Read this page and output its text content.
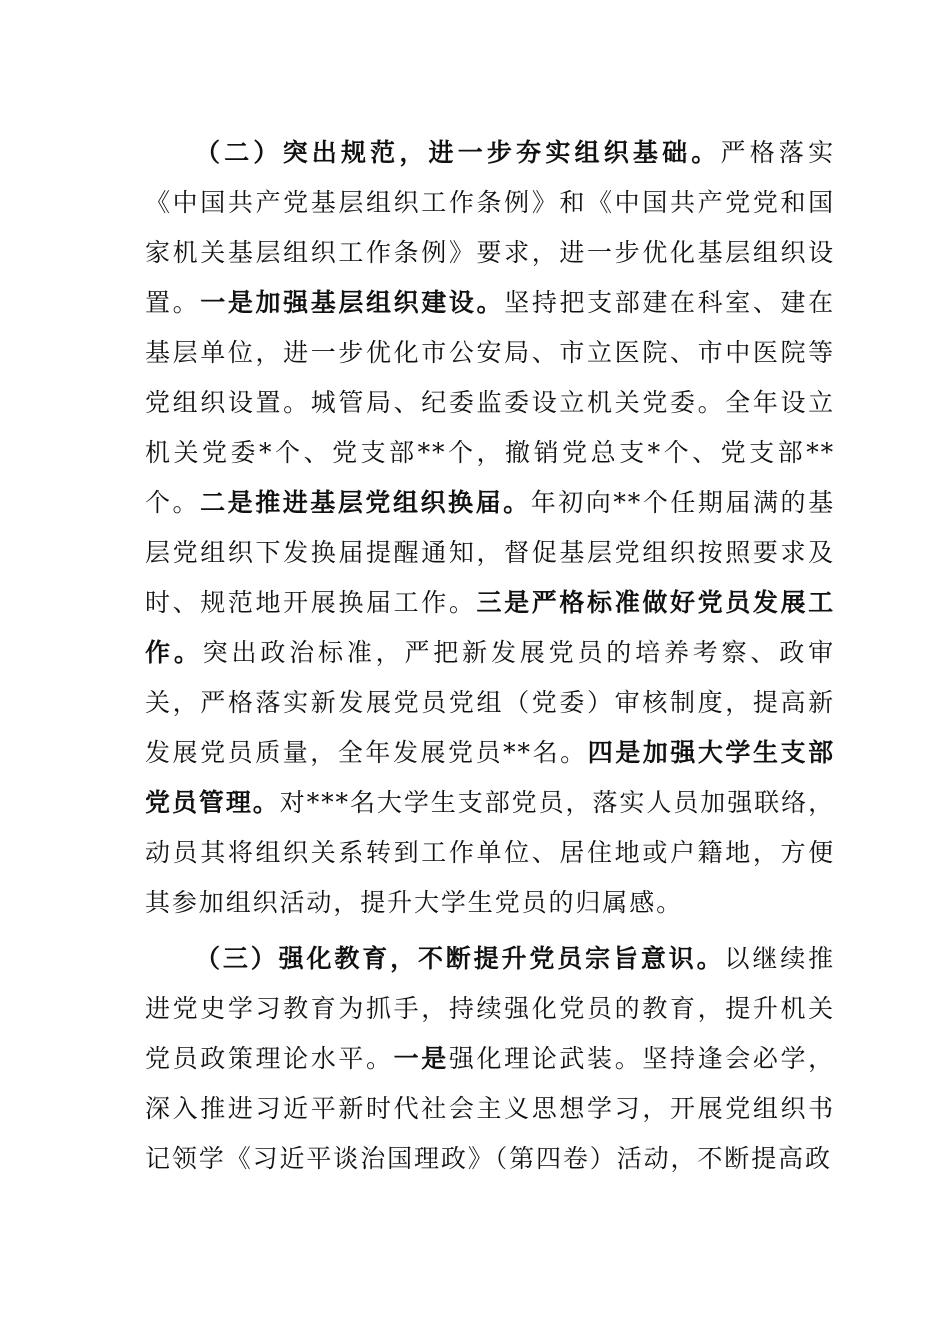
（二）突出规范，进一步夯实组织基础。严格落实《中国共产党基层组织工作条例》和《中国共产党党和国家机关基层组织工作条例》要求，进一步优化基层组织设置。一是加强基层组织建设。坚持把支部建在科室、建在基层单位，进一步优化市公安局、市立医院、市中医院等党组织设置。城管局、纪委监委设立机关党委。全年设立机关党委*个、党支部**个，撤销党总支*个、党支部**个。二是推进基层党组织换届。年初向**个任期届满的基层党组织下发换届提醒通知，督促基层党组织按照要求及时、规范地开展换届工作。三是严格标准做好党员发展工作。突出政治标准，严把新发展党员的培养考察、政审关，严格落实新发展党员党组（党委）审核制度，提高新发展党员质量，全年发展党员**名。四是加强大学生支部党员管理。对***名大学生支部党员，落实人员加强联络，动员其将组织关系转到工作单位、居住地或户籍地，方便其参加组织活动，提升大学生党员的归属感。

（三）强化教育，不断提升党员宗旨意识。以继续推进党史学习教育为抓手，持续强化党员的教育，提升机关党员政策理论水平。一是强化理论武装。坚持逢会必学，深入推进习近平新时代社会主义思想学习，开展党组织书记领学《习近平谈治国理政》（第四卷）活动，不断提高政
